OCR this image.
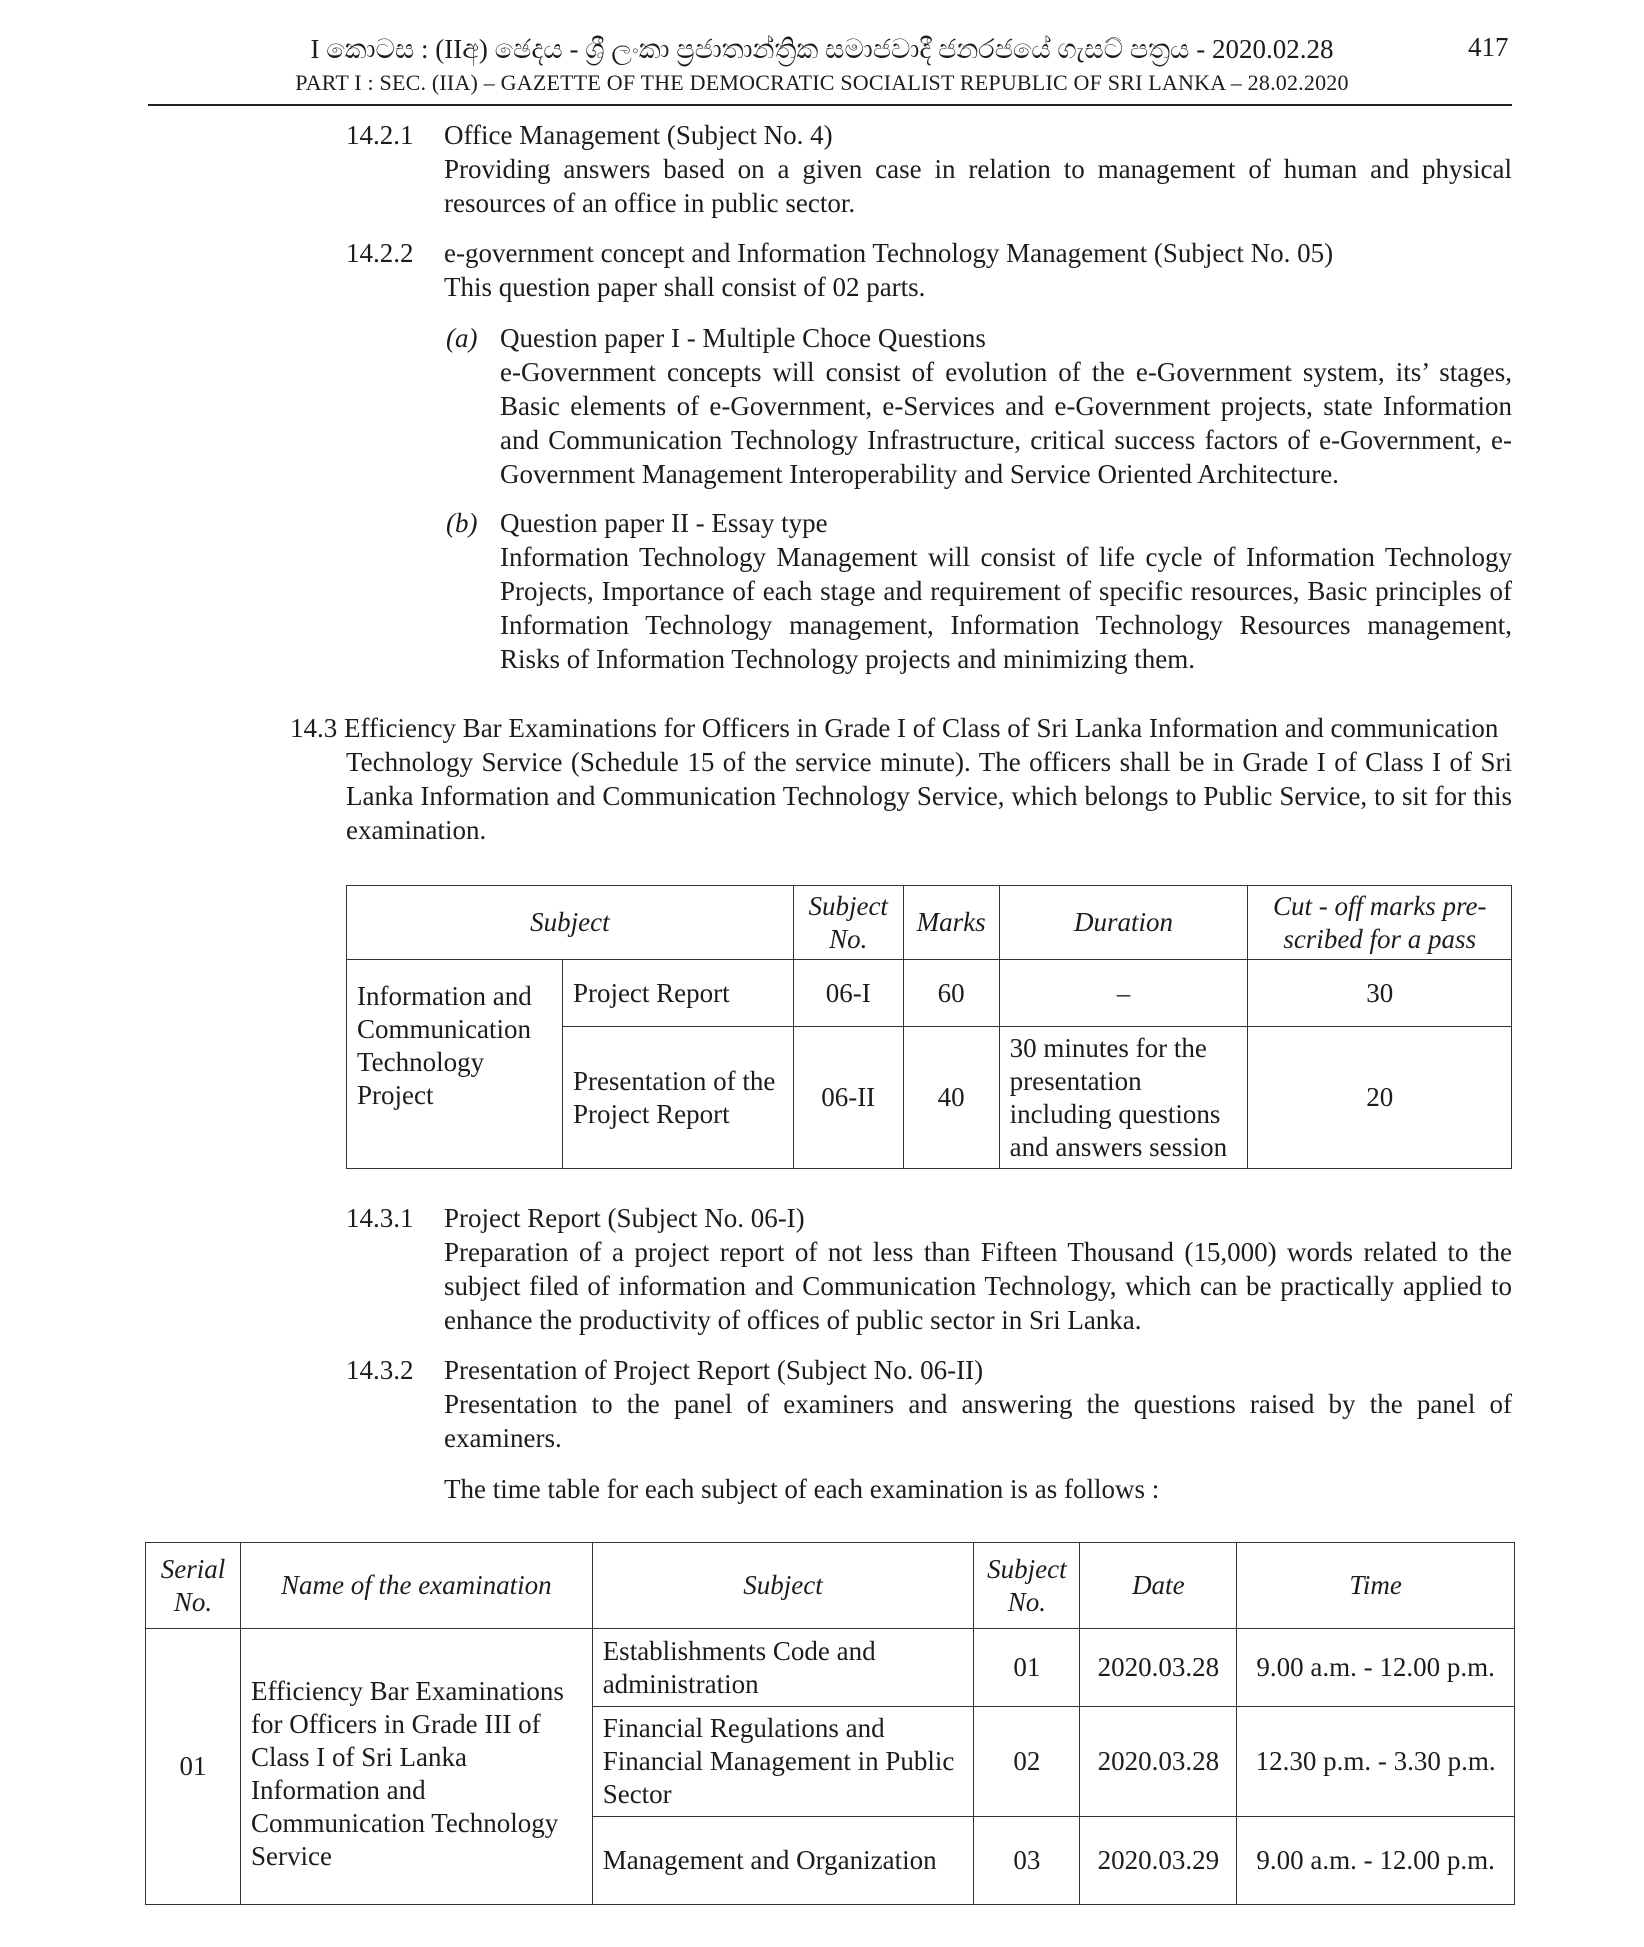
I කොටස : (IIඅ) ඡෙදය - ශ්‍රී ලංකා ප්‍රජාතාන්ත්‍රික සමාජවාදී ජනරජයේ ගැසට් පත්‍රය - 2020.02.28
PART I : SEC. (IIA) – GAZETTE OF THE DEMOCRATIC SOCIALIST REPUBLIC OF SRI LANKA – 28.02.2020
417
14.2.1 Office Management (Subject No. 4)
Providing answers based on a given case in relation to management of human and physical resources of an office in public sector.
14.2.2 e-government concept and Information Technology Management (Subject No. 05)
This question paper shall consist of 02 parts.
(a) Question paper I - Multiple Choce Questions
e-Government concepts will consist of evolution of the e-Government system, its’ stages, Basic elements of e-Government, e-Services and e-Government projects, state Information and Communication Technology Infrastructure, critical success factors of e-Government, e-Government Management Interoperability and Service Oriented Architecture.
(b) Question paper II - Essay type
Information Technology Management will consist of life cycle of Information Technology Projects, Importance of each stage and requirement of specific resources, Basic principles of Information Technology management, Information Technology Resources management, Risks of Information Technology projects and minimizing them.
14.3 Efficiency Bar Examinations for Officers in Grade I of Class of Sri Lanka Information and communication
Technology Service (Schedule 15 of the service minute). The officers shall be in Grade I of Class I of Sri Lanka Information and Communication Technology Service, which belongs to Public Service, to sit for this examination.
Subject		Subject No.	Marks	Duration	Cut - off marks pre- scribed for a pass
Information and Communication Technology Project	Project Report	06-I	60	–	30
	Presentation of the Project Report	06-II	40	30 minutes for the presentation including questions and answers session	20
14.3.1 Project Report (Subject No. 06-I)
Preparation of a project report of not less than Fifteen Thousand (15,000) words related to the subject filed of information and Communication Technology, which can be practically applied to enhance the productivity of offices of public sector in Sri Lanka.
14.3.2 Presentation of Project Report (Subject No. 06-II)
Presentation to the panel of examiners and answering the questions raised by the panel of examiners.
The time table for each subject of each examination is as follows :
Serial No.	Name of the examination	Subject	Subject No.	Date	Time
01	Efficiency Bar Examinations for Officers in Grade III of Class I of Sri Lanka Information and Communication Technology Service	Establishments Code and administration	01	2020.03.28	9.00 a.m. - 12.00 p.m.
		Financial Regulations and Financial Management in Public Sector	02	2020.03.28	12.30 p.m. - 3.30 p.m.
		Management and Organization	03	2020.03.29	9.00 a.m. - 12.00 p.m.
